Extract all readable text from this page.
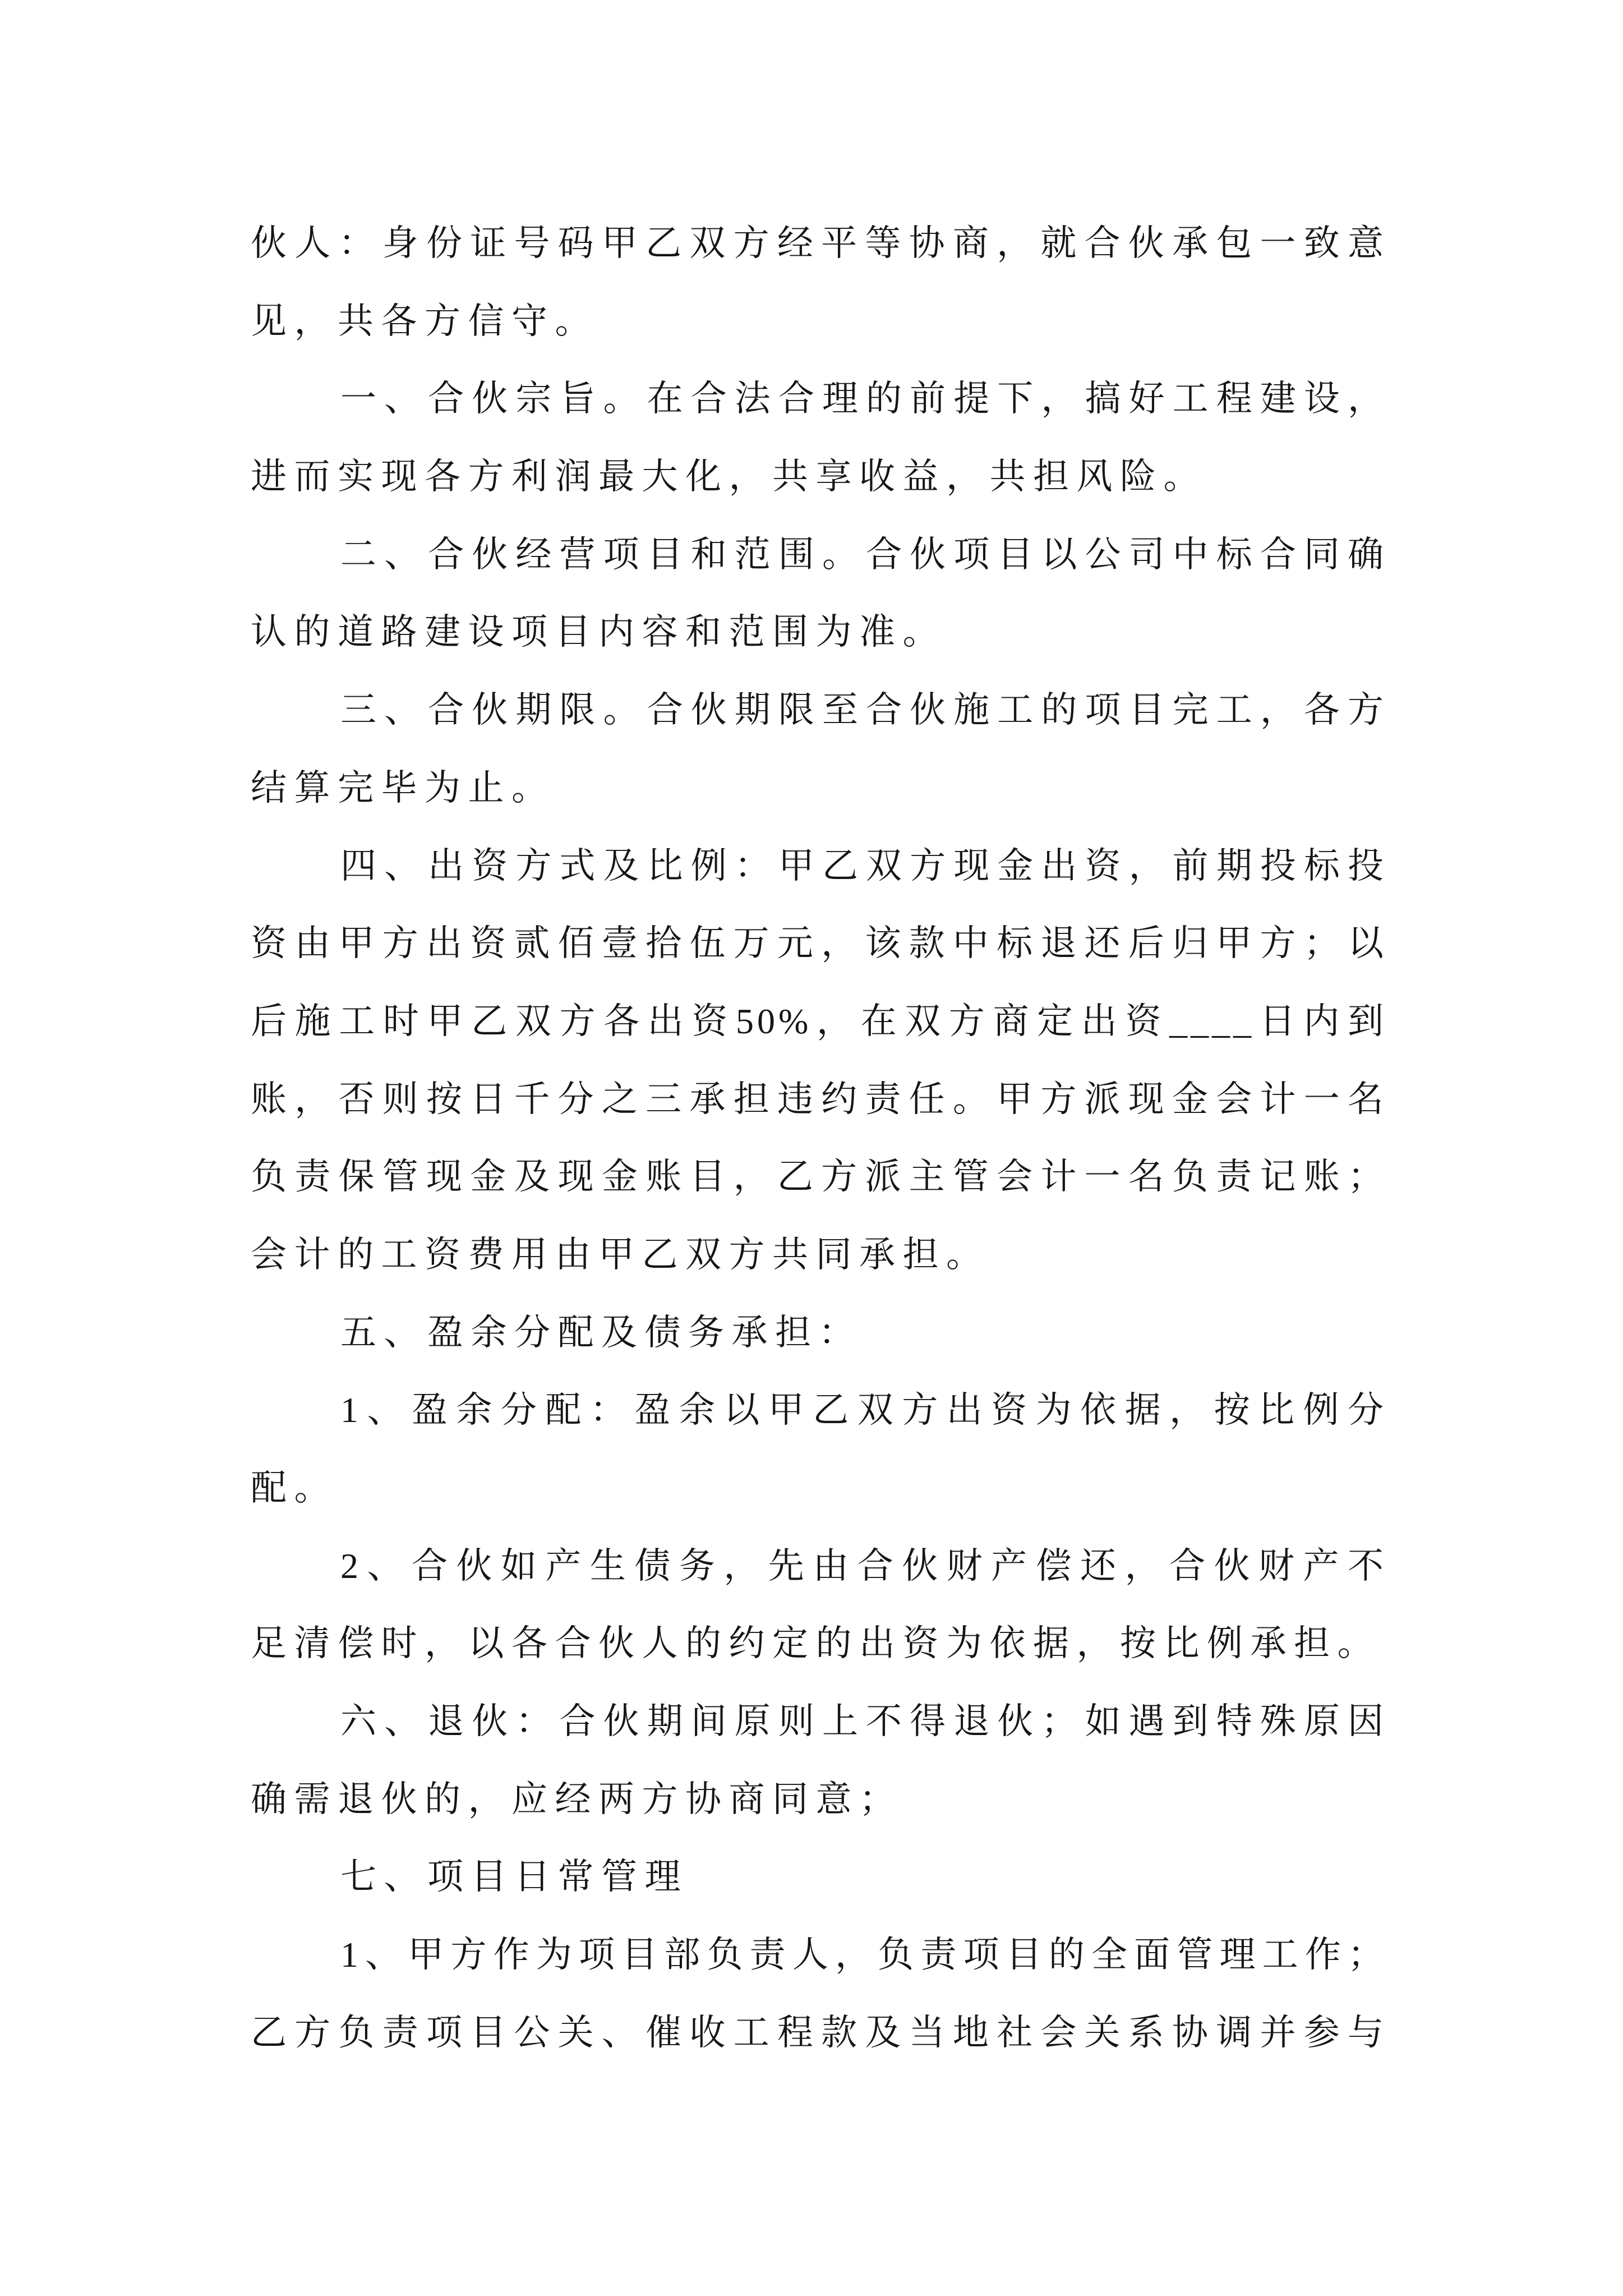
伙人：身份证号码甲乙双方经平等协商，就合伙承包一致意
见，共各方信守。
一、合伙宗旨。在合法合理的前提下，搞好工程建设，
进而实现各方利润最大化，共享收益，共担风险。
二、合伙经营项目和范围。合伙项目以公司中标合同确
认的道路建设项目内容和范围为准。
三、合伙期限。合伙期限至合伙施工的项目完工，各方
结算完毕为止。
四、出资方式及比例：甲乙双方现金出资，前期投标投
资由甲方出资贰佰壹拾伍万元，该款中标退还后归甲方；以
后施工时甲乙双方各出资50%，在双方商定出资____日内到
账，否则按日千分之三承担违约责任。甲方派现金会计一名
负责保管现金及现金账目，乙方派主管会计一名负责记账；
会计的工资费用由甲乙双方共同承担。
五、盈余分配及债务承担：
1、盈余分配：盈余以甲乙双方出资为依据，按比例分
配。
2、合伙如产生债务，先由合伙财产偿还，合伙财产不
足清偿时，以各合伙人的约定的出资为依据，按比例承担。
六、退伙：合伙期间原则上不得退伙；如遇到特殊原因
确需退伙的，应经两方协商同意；
七、项目日常管理
1、甲方作为项目部负责人，负责项目的全面管理工作；
乙方负责项目公关、催收工程款及当地社会关系协调并参与
